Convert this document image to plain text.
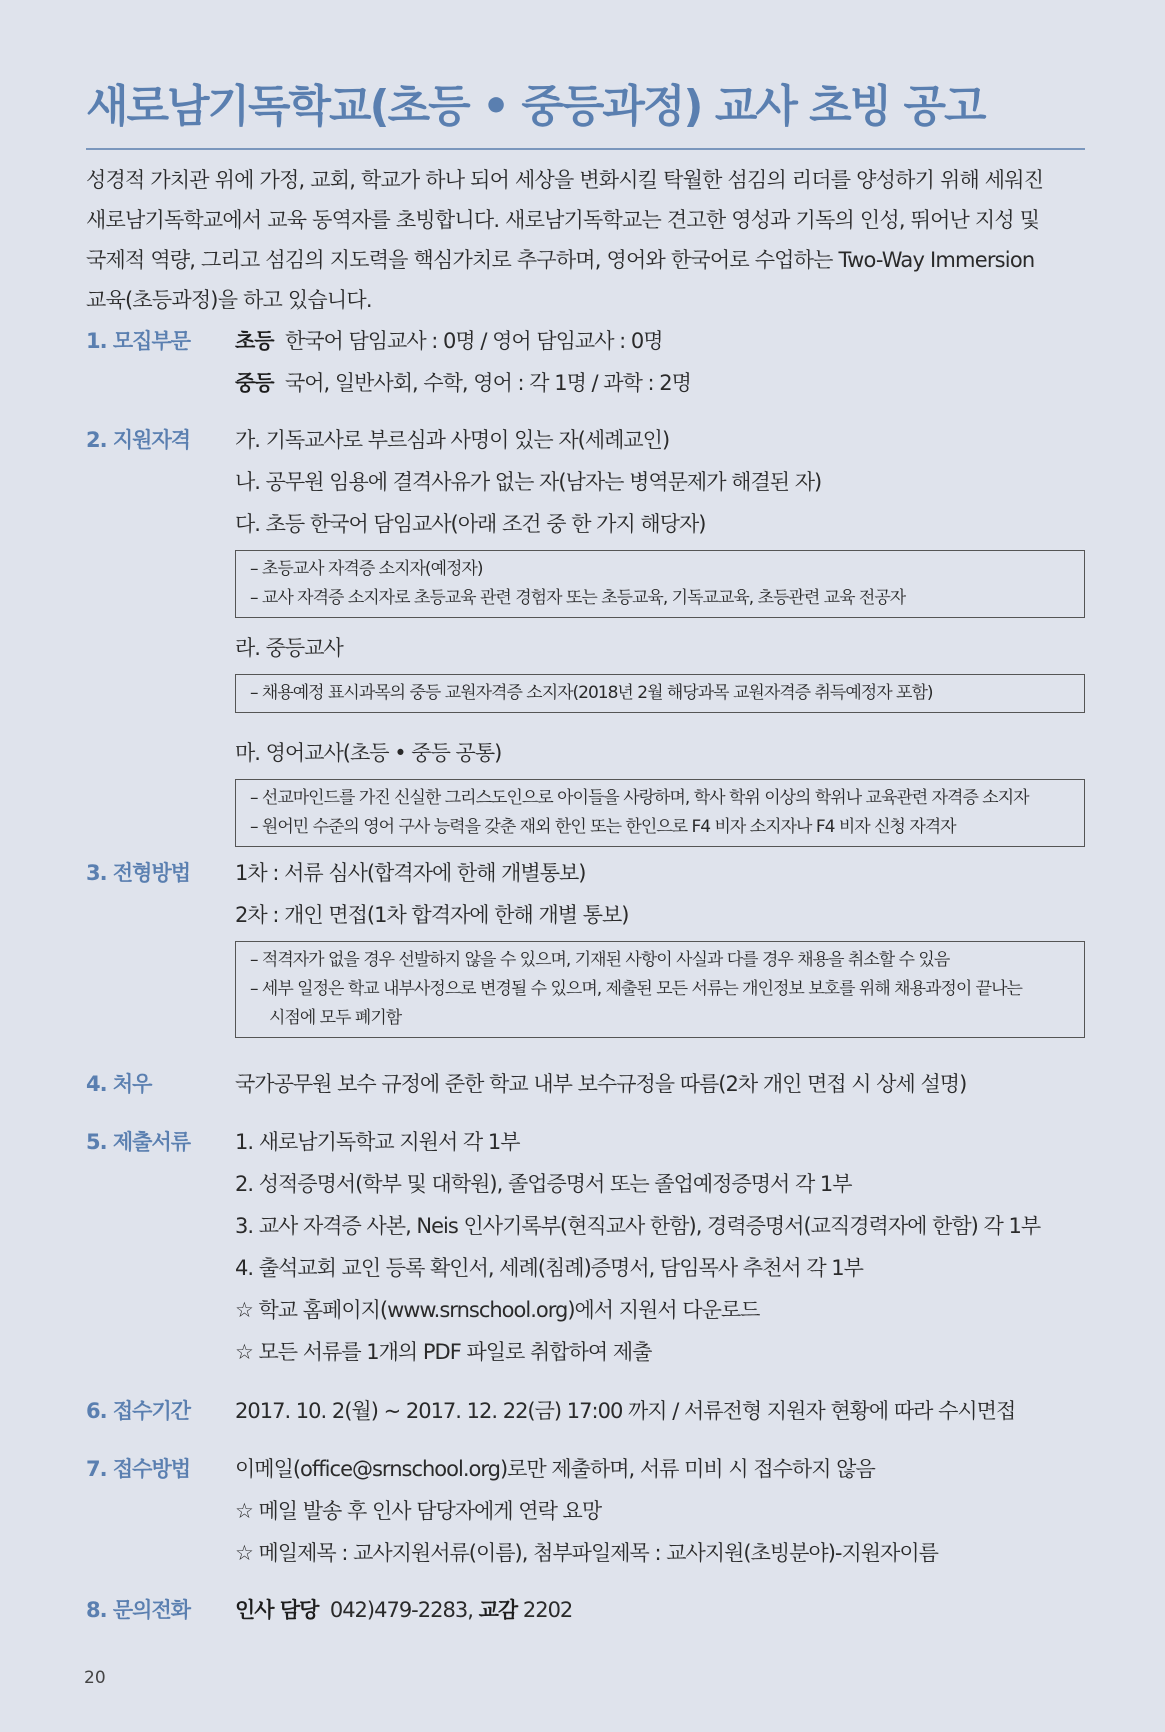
새로남기독학교(초등 • 중등과정) 교사 초빙 공고
성경적 가치관 위에 가정, 교회, 학교가 하나 되어 세상을 변화시킬 탁월한 섬김의 리더를 양성하기 위해 세워진
새로남기독학교에서 교육 동역자를 초빙합니다. 새로남기독학교는 견고한 영성과 기독의 인성, 뛰어난 지성 및
국제적 역량, 그리고 섬김의 지도력을 핵심가치로 추구하며, 영어와 한국어로 수업하는 Two-Way Immersion
교육(초등과정)을 하고 있습니다.
1. 모집부문 초등 한국어 담임교사 : 0명 / 영어 담임교사 : 0명
중등 국어, 일반사회, 수학, 영어 : 각 1명 / 과학 : 2명
2. 지원자격 가. 기독교사로 부르심과 사명이 있는 자(세례교인)
나. 공무원 임용에 결격사유가 없는 자(남자는 병역문제가 해결된 자)
다. 초등 한국어 담임교사(아래 조건 중 한 가지 해당자)
– 초등교사 자격증 소지자(예정자)
– 교사 자격증 소지자로 초등교육 관련 경험자 또는 초등교육, 기독교교육, 초등관련 교육 전공자
라. 중등교사
– 채용예정 표시과목의 중등 교원자격증 소지자(2018년 2월 해당과목 교원자격증 취득예정자 포함)
마. 영어교사(초등 • 중등 공통)
– 선교마인드를 가진 신실한 그리스도인으로 아이들을 사랑하며, 학사 학위 이상의 학위나 교육관련 자격증 소지자
– 원어민 수준의 영어 구사 능력을 갖춘 재외 한인 또는 한인으로 F4 비자 소지자나 F4 비자 신청 자격자
3. 전형방법 1차 : 서류 심사(합격자에 한해 개별통보)
2차 : 개인 면접(1차 합격자에 한해 개별 통보)
– 적격자가 없을 경우 선발하지 않을 수 있으며, 기재된 사항이 사실과 다를 경우 채용을 취소할 수 있음
– 세부 일정은 학교 내부사정으로 변경될 수 있으며, 제출된 모든 서류는 개인정보 보호를 위해 채용과정이 끝나는
시점에 모두 폐기함
4. 처우	국가공무원 보수 규정에 준한 학교 내부 보수규정을 따름(2차 개인 면접 시 상세 설명)
5. 제출서류 1. 새로남기독학교 지원서 각 1부
2. 성적증명서(학부 및 대학원), 졸업증명서 또는 졸업예정증명서 각 1부
3. 교사 자격증 사본, Neis 인사기록부(현직교사 한함), 경력증명서(교직경력자에 한함) 각 1부
4. 출석교회 교인 등록 확인서, 세례(침례)증명서, 담임목사 추천서 각 1부
☆ 학교 홈페이지(www.srnschool.org)에서 지원서 다운로드
☆ 모든 서류를 1개의 PDF 파일로 취합하여 제출
6. 접수기간 2017. 10. 2(월) ~ 2017. 12. 22(금) 17:00 까지 / 서류전형 지원자 현황에 따라 수시면접
7. 접수방법 이메일(office@srnschool.org)로만 제출하며, 서류 미비 시 접수하지 않음
☆ 메일 발송 후 인사 담당자에게 연락 요망
☆ 메일제목 : 교사지원서류(이름), 첨부파일제목 : 교사지원(초빙분야)-지원자이름
8. 문의전화 인사 담당 042)479-2283, 교감 2202
20
